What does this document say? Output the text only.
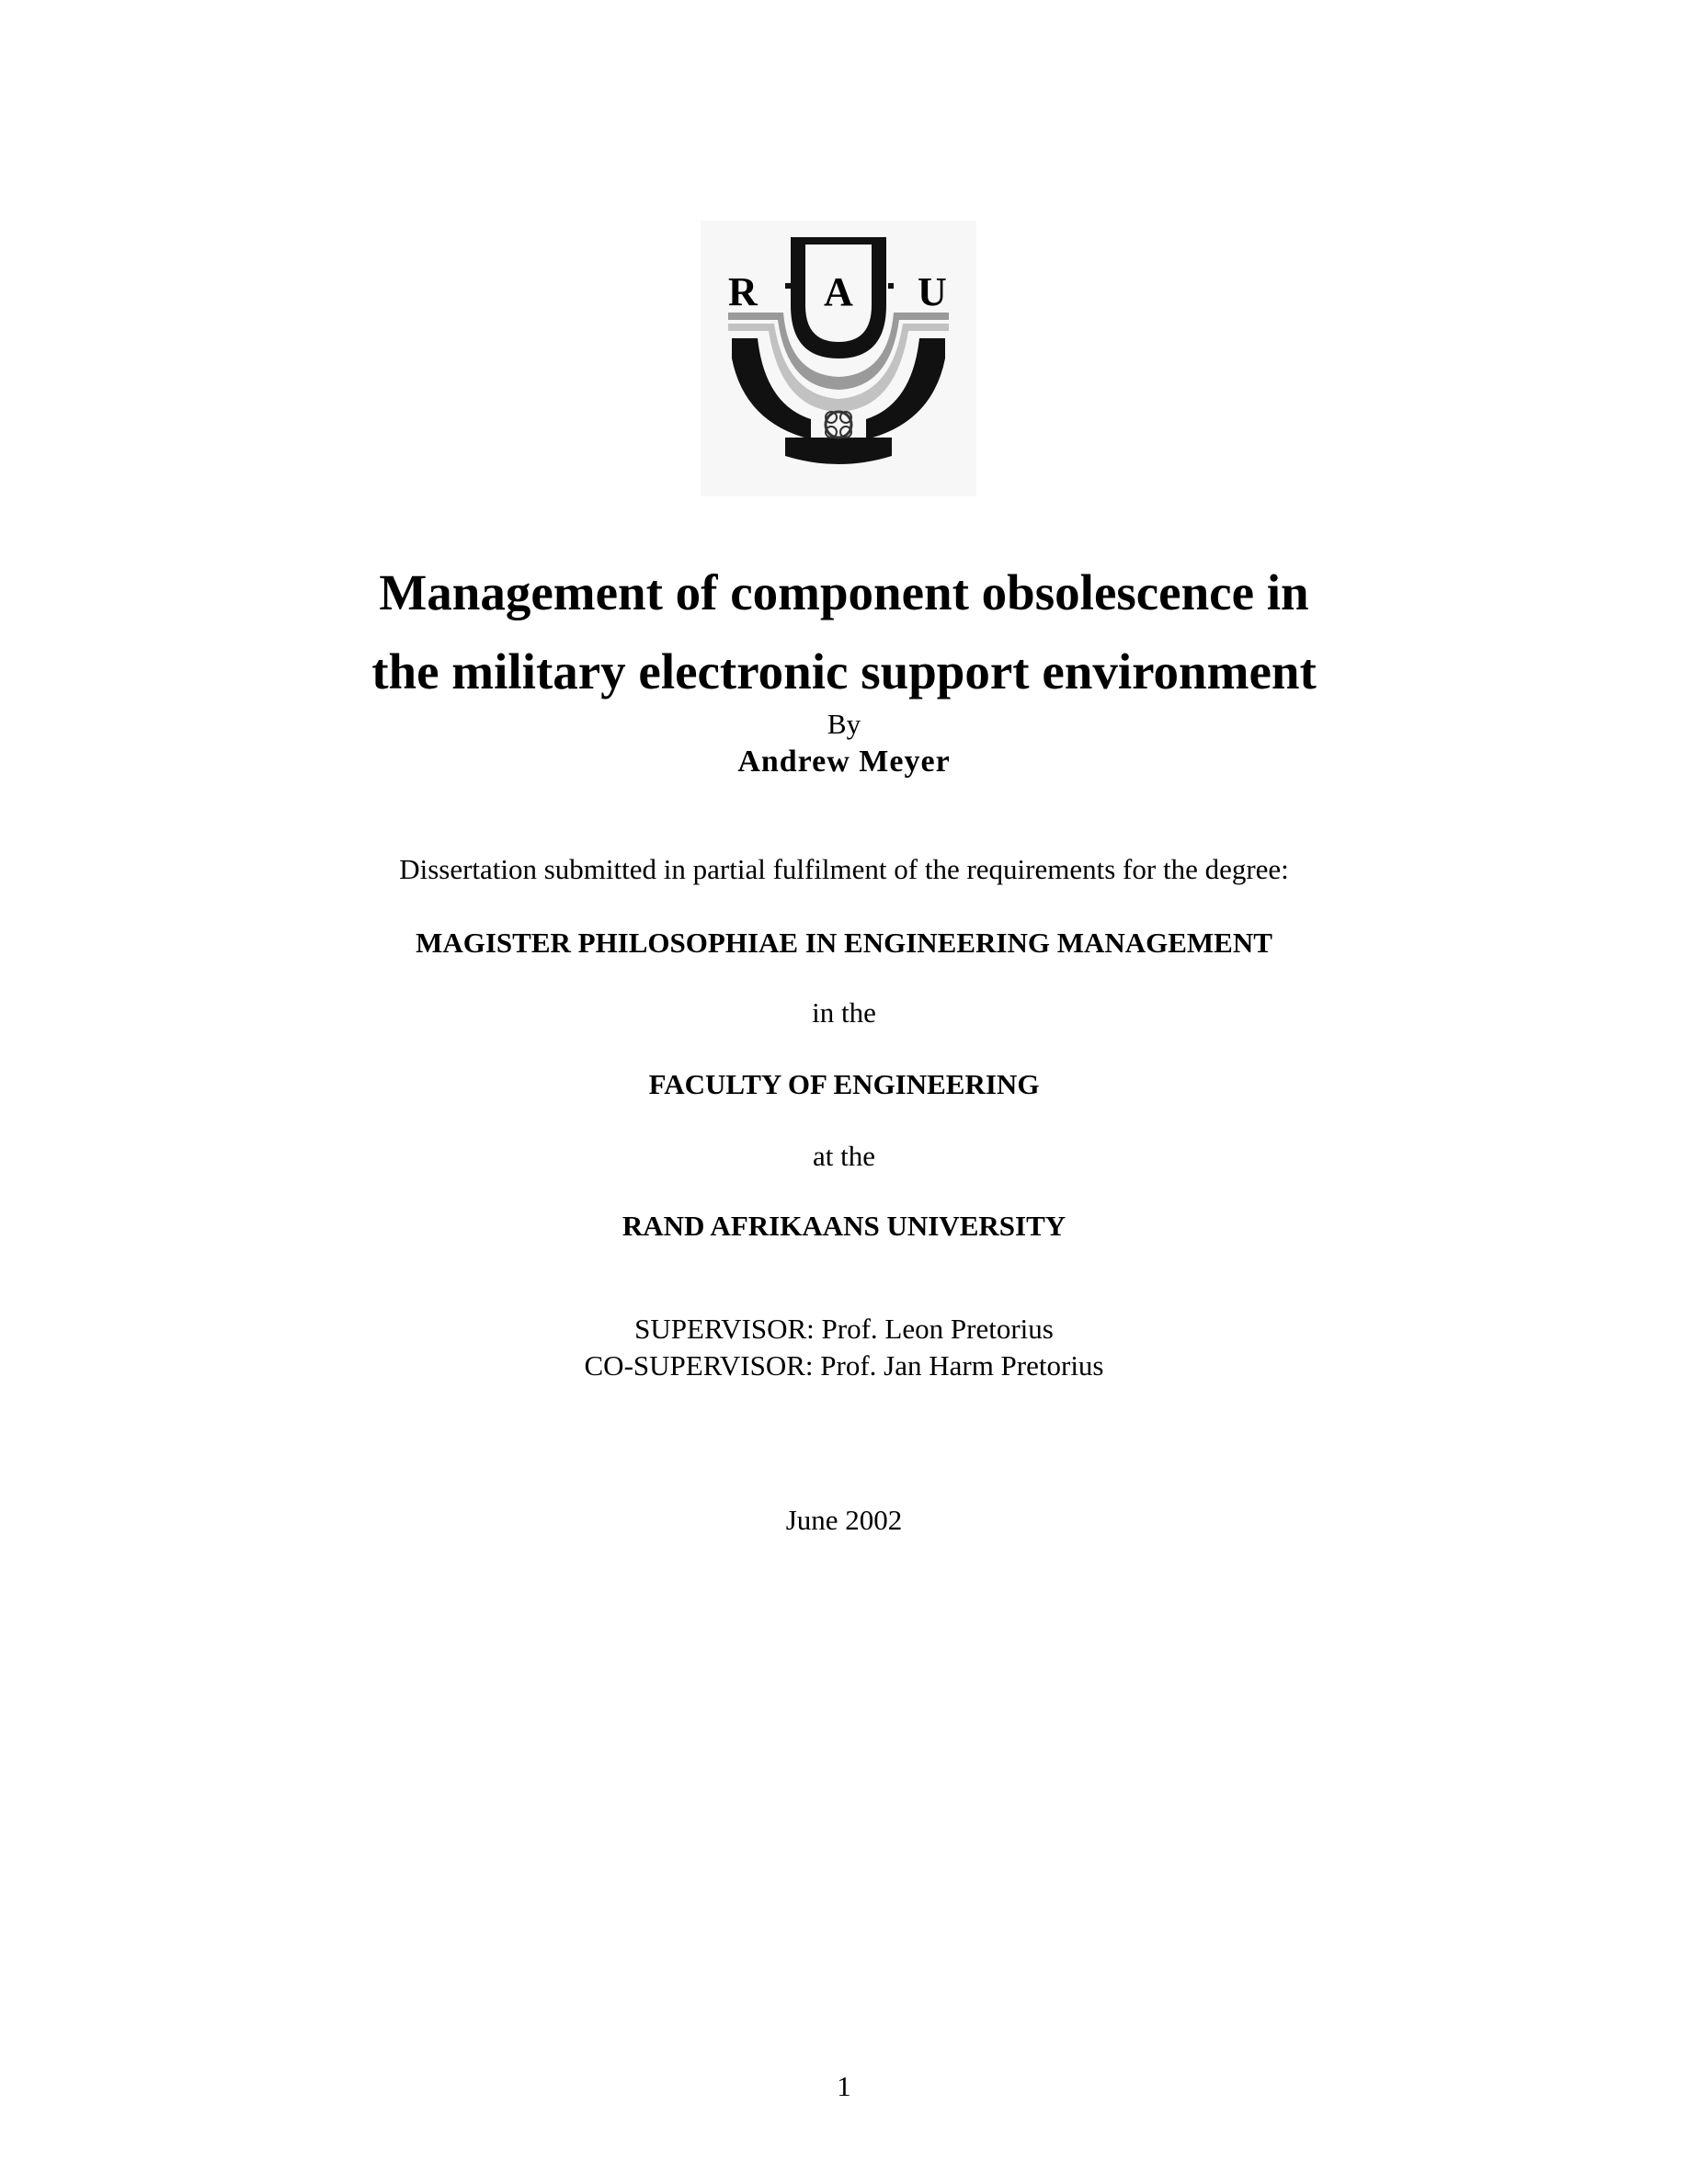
R A U
Management of component obsolescence in
the military electronic support environment
By
Andrew Meyer
Dissertation submitted in partial fulfilment of the requirements for the degree:
MAGISTER PHILOSOPHIAE IN ENGINEERING MANAGEMENT
in the
FACULTY OF ENGINEERING
at the
RAND AFRIKAANS UNIVERSITY
SUPERVISOR: Prof. Leon Pretorius
CO-SUPERVISOR: Prof. Jan Harm Pretorius
June 2002
1
